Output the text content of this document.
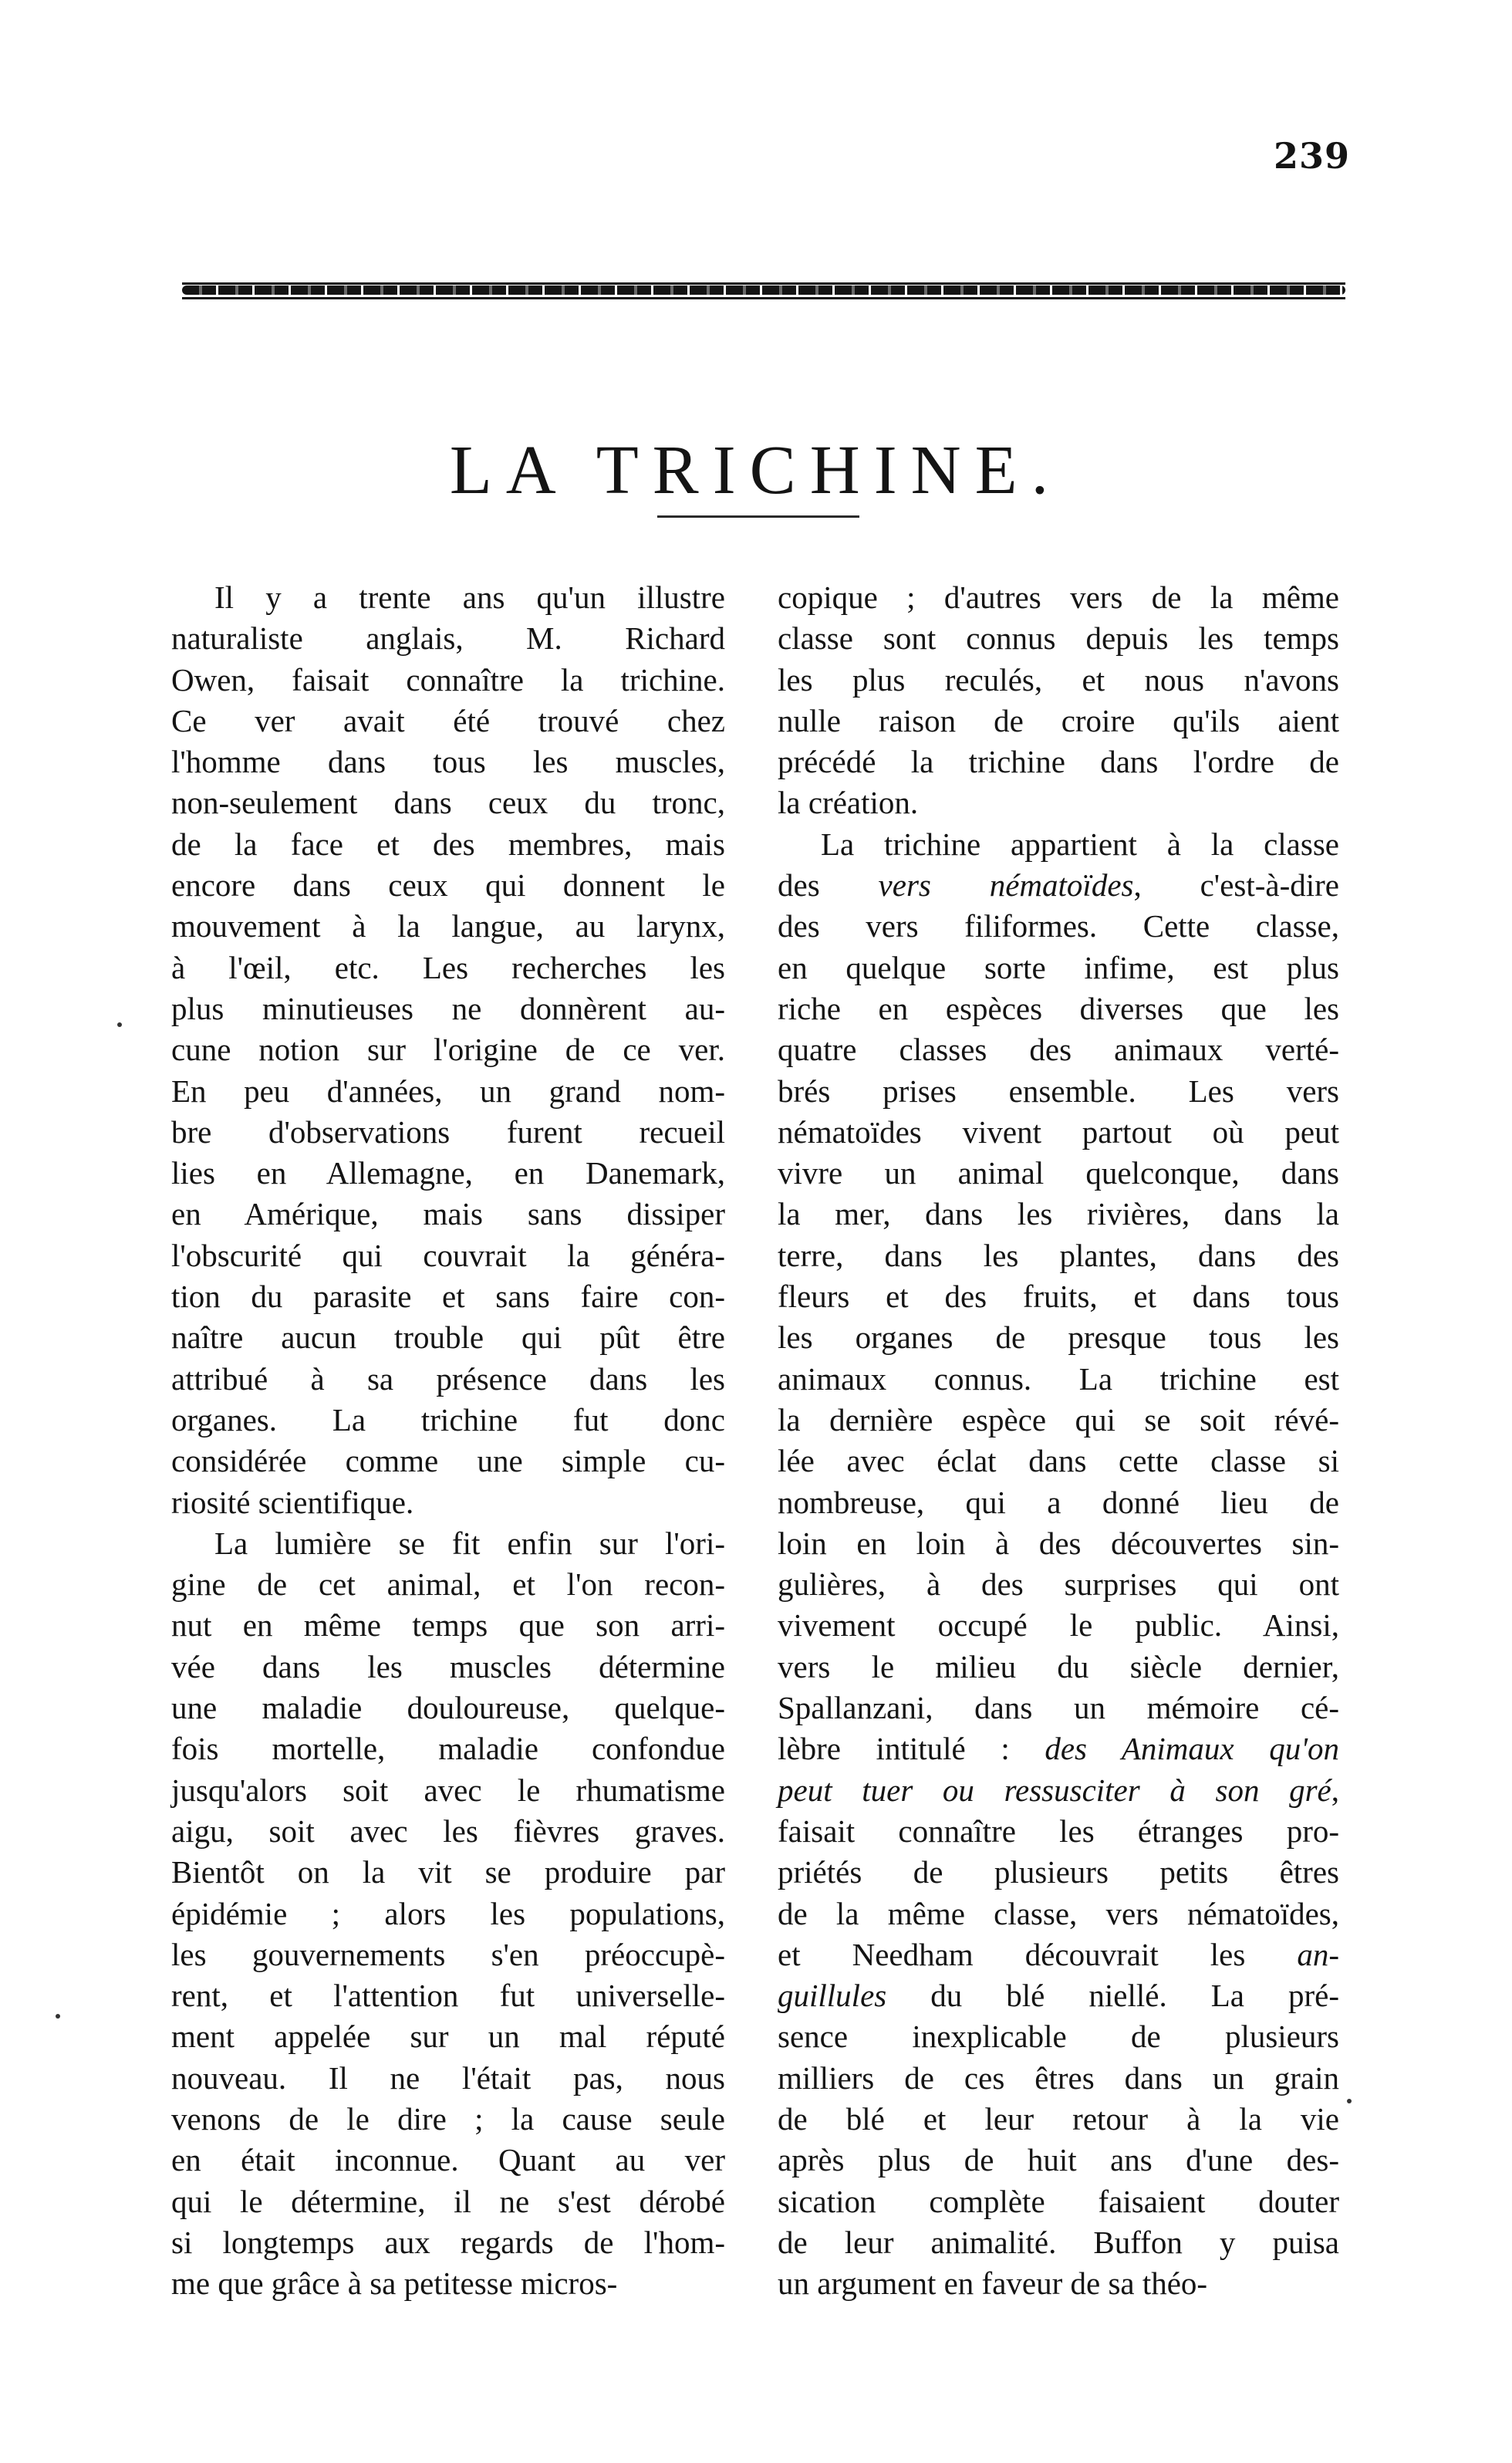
239
LA TRICHINE.
Il y a trente ans qu'un illustre
naturaliste anglais, M. Richard
Owen, faisait connaître la trichine.
Ce ver avait été trouvé chez
l'homme dans tous les muscles,
non-seulement dans ceux du tronc,
de la face et des membres, mais
encore dans ceux qui donnent le
mouvement à la langue, au larynx,
à l'œil, etc. Les recherches les
plus minutieuses ne donnèrent au-
cune notion sur l'origine de ce ver.
En peu d'années, un grand nom-
bre d'observations furent recueil
lies en Allemagne, en Danemark,
en Amérique, mais sans dissiper
l'obscurité qui couvrait la généra-
tion du parasite et sans faire con-
naître aucun trouble qui pût être
attribué à sa présence dans les
organes. La trichine fut donc
considérée comme une simple cu-
riosité scientifique.
La lumière se fit enfin sur l'ori-
gine de cet animal, et l'on recon-
nut en même temps que son arri-
vée dans les muscles détermine
une maladie douloureuse, quelque-
fois mortelle, maladie confondue
jusqu'alors soit avec le rhumatisme
aigu, soit avec les fièvres graves.
Bientôt on la vit se produire par
épidémie ; alors les populations,
les gouvernements s'en préoccupè-
rent, et l'attention fut universelle-
ment appelée sur un mal réputé
nouveau. Il ne l'était pas, nous
venons de le dire ; la cause seule
en était inconnue. Quant au ver
qui le détermine, il ne s'est dérobé
si longtemps aux regards de l'hom-
me que grâce à sa petitesse micros-
copique ; d'autres vers de la même
classe sont connus depuis les temps
les plus reculés, et nous n'avons
nulle raison de croire qu'ils aient
précédé la trichine dans l'ordre de
la création.
La trichine appartient à la classe
des vers nématoïdes, c'est-à-dire
des vers filiformes. Cette classe,
en quelque sorte infime, est plus
riche en espèces diverses que les
quatre classes des animaux verté-
brés prises ensemble. Les vers
nématoïdes vivent partout où peut
vivre un animal quelconque, dans
la mer, dans les rivières, dans la
terre, dans les plantes, dans des
fleurs et des fruits, et dans tous
les organes de presque tous les
animaux connus. La trichine est
la dernière espèce qui se soit révé-
lée avec éclat dans cette classe si
nombreuse, qui a donné lieu de
loin en loin à des découvertes sin-
gulières, à des surprises qui ont
vivement occupé le public. Ainsi,
vers le milieu du siècle dernier,
Spallanzani, dans un mémoire cé-
lèbre intitulé : des Animaux qu'on
peut tuer ou ressusciter à son gré,
faisait connaître les étranges pro-
priétés de plusieurs petits êtres
de la même classe, vers nématoïdes,
et Needham découvrait les an-
guillules du blé niellé. La pré-
sence inexplicable de plusieurs
milliers de ces êtres dans un grain
de blé et leur retour à la vie
après plus de huit ans d'une des-
sication complète faisaient douter
de leur animalité. Buffon y puisa
un argument en faveur de sa théo-
